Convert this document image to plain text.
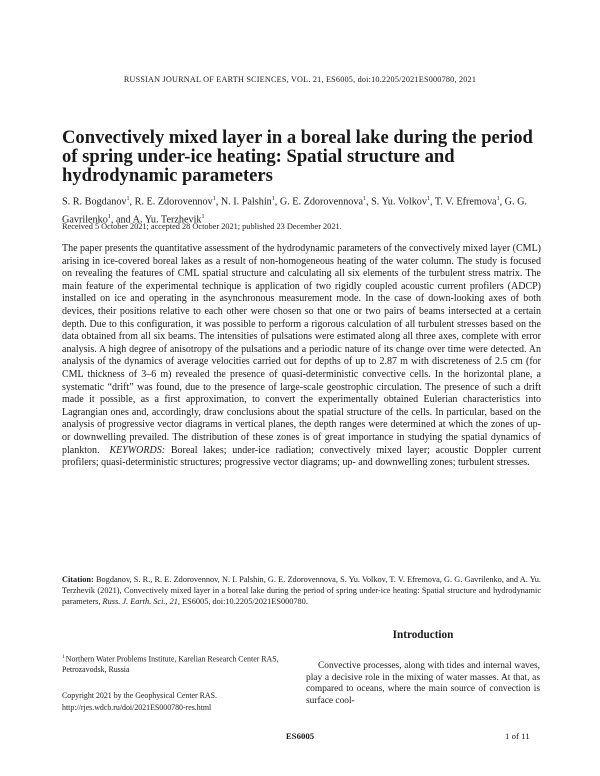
RUSSIAN JOURNAL OF EARTH SCIENCES, VOL. 21, ES6005, doi:10.2205/2021ES000780, 2021
Convectively mixed layer in a boreal lake during the period of spring under-ice heating: Spatial structure and hydrodynamic parameters
S. R. Bogdanov$^1$, R. E. Zdorovennov$^1$, N. I. Palshin$^1$, G. E. Zdorovennova$^1$, S. Yu. Volkov$^1$, T. V. Efremova$^1$, G. G. Gavrilenko$^1$, and A. Yu. Terzhevik$^1$
Received 5 October 2021; accepted 28 October 2021; published 23 December 2021.
The paper presents the quantitative assessment of the hydrodynamic parameters of the convectively mixed layer (CML) arising in ice-covered boreal lakes as a result of non-homogeneous heating of the water column. The study is focused on revealing the features of CML spatial structure and calculating all six elements of the turbulent stress matrix. The main feature of the experimental technique is application of two rigidly coupled acoustic current profilers (ADCP) installed on ice and operating in the asynchronous measurement mode. In the case of down-looking axes of both devices, their positions relative to each other were chosen so that one or two pairs of beams intersected at a certain depth. Due to this configuration, it was possible to perform a rigorous calculation of all turbulent stresses based on the data obtained from all six beams. The intensities of pulsations were estimated along all three axes, complete with error analysis. A high degree of anisotropy of the pulsations and a periodic nature of its change over time were detected. An analysis of the dynamics of average velocities carried out for depths of up to 2.87 m with discreteness of 2.5 cm (for CML thickness of 3–6 m) revealed the presence of quasi-deterministic convective cells. In the horizontal plane, a systematic “drift” was found, due to the presence of large-scale geostrophic circulation. The presence of such a drift made it possible, as a first approximation, to convert the experimentally obtained Eulerian characteristics into Lagrangian ones and, accordingly, draw conclusions about the spatial structure of the cells. In particular, based on the analysis of progressive vector diagrams in vertical planes, the depth ranges were determined at which the zones of up- or downwelling prevailed. The distribution of these zones is of great importance in studying the spatial dynamics of plankton. KEYWORDS: Boreal lakes; under-ice radiation; convectively mixed layer; acoustic Doppler current profilers; quasi-deterministic structures; progressive vector diagrams; up- and downwelling zones; turbulent stresses.
Citation: Bogdanov, S. R., R. E. Zdorovennov, N. I. Palshin, G. E. Zdorovennova, S. Yu. Volkov, T. V. Efremova, G. G. Gavrilenko, and A. Yu. Terzhevik (2021), Convectively mixed layer in a boreal lake during the period of spring under-ice heating: Spatial structure and hydrodynamic parameters, Russ. J. Earth. Sci., 21, ES6005, doi:10.2205/2021ES000780.
Introduction
Convective processes, along with tides and internal waves, play a decisive role in the mixing of water masses. At that, as compared to oceans, where the main source of convection is surface cool-
$^1$Northern Water Problems Institute, Karelian Research Center RAS, Petrozavodsk, Russia
Copyright 2021 by the Geophysical Center RAS.
http://rjes.wdcb.ru/doi/2021ES000780-res.html
ES6005	1 of 11
